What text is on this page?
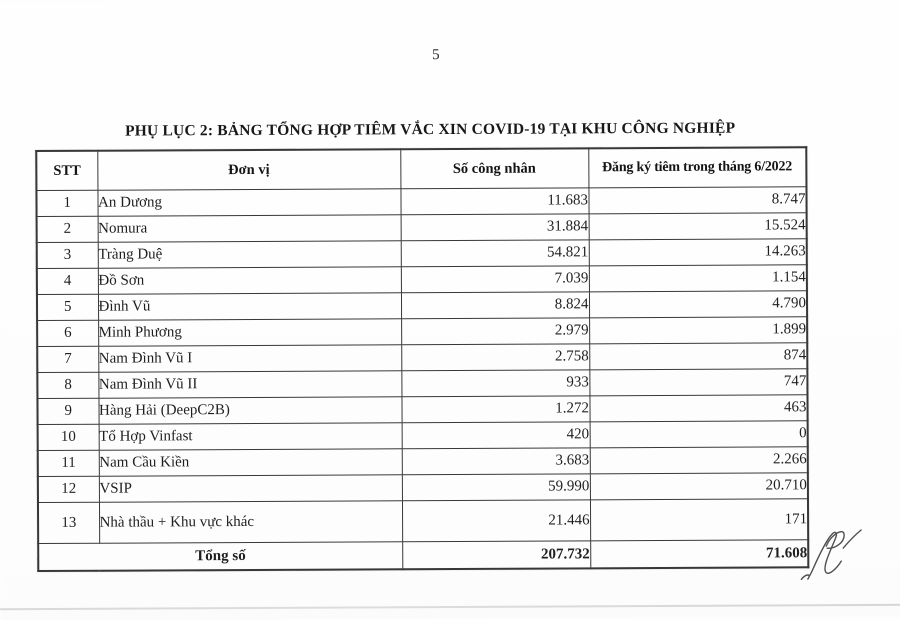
5
PHỤ LỤC 2: BẢNG TỔNG HỢP TIÊM VẮC XIN COVID-19 TẠI KHU CÔNG NGHIỆP
STT	Đơn vị	Số công nhân	Đăng ký tiêm trong tháng 6/2022
1	An Dương	11.683	8.747
2	Nomura	31.884	15.524
3	Tràng Duệ	54.821	14.263
4	Đồ Sơn	7.039	1.154
5	Đình Vũ	8.824	4.790
6	Minh Phương	2.979	1.899
7	Nam Đình Vũ I	2.758	874
8	Nam Đình Vũ II	933	747
9	Hàng Hải (DeepC2B)	1.272	463
10	Tổ Hợp Vinfast	420	0
11	Nam Cầu Kiền	3.683	2.266
12	VSIP	59.990	20.710
13	Nhà thầu + Khu vực khác	21.446	171
Tổng số		207.732	71.608
